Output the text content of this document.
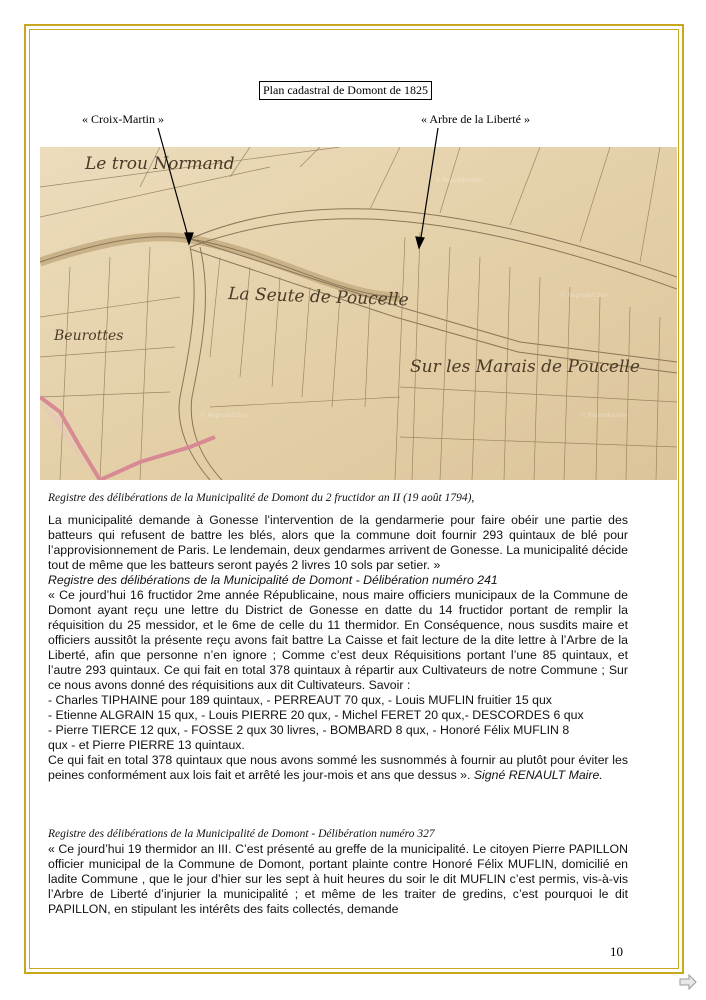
Plan cadastral de Domont de 1825
« Croix-Martin »	« Arbre de la Liberté »
Le trou Normand
La Seute de Poucelle
Beurottes
Sur les Marais de Poucelle
© Reproduction
© Reproduction
© Reproduction	© Reproduction

Registre des délibérations de la Municipalité de Domont du 2 fructidor an II (19 août 1794),

La municipalité demande à Gonesse l’intervention de la gendarmerie pour faire obéir une partie des batteurs qui refusent de battre les blés, alors que la commune doit fournir 293 quintaux de blé pour l’approvisionnement de Paris. Le lendemain, deux gendarmes arrivent de Gonesse. La municipalité décide tout de même que les batteurs seront payés 2 livres 10 sols par setier. »

Registre des délibérations de la Municipalité de Domont - Délibération numéro 241

« Ce jourd’hui 16 fructidor 2me année Républicaine, nous maire officiers municipaux de la Commune de Domont ayant reçu une lettre du District de Gonesse en datte du 14 fructidor portant de remplir la réquisition du 25 messidor, et le 6me de celle du 11 thermidor. En Conséquence, nous susdits maire et officiers aussitôt la présente reçu avons fait battre La Caisse et fait lecture de la dite lettre à l’Arbre de la Liberté, afin que personne n’en ignore ; Comme c’est deux Réquisitions portant l’une 85 quintaux, et l’autre 293 quintaux. Ce qui fait en total 378 quintaux à répartir aux Cultivateurs de notre Commune ; Sur ce nous avons donné des réquisitions aux dit Cultivateurs. Savoir :

- Charles TIPHAINE pour 189 quintaux, - PERREAUT 70 qux, - Louis MUFLIN fruitier 15 qux

- Etienne ALGRAIN 15 qux, - Louis PIERRE 20 qux, - Michel FERET 20 qux,- DESCORDES 6 qux

- Pierre TIERCE 12 qux, - FOSSE 2 qux 30 livres, - BOMBARD 8 qux, - Honoré Félix MUFLIN 8

qux - et Pierre PIERRE 13 quintaux.

Ce qui fait en total 378 quintaux que nous avons sommé les susnommés à fournir au plutôt pour éviter les peines conformément aux lois fait et arrêté les jour-mois et ans que dessus ». Signé RENAULT Maire.

Registre des délibérations de la Municipalité de Domont - Délibération numéro 327

« Ce jourd’hui 19 thermidor an III. C’est présenté au greffe de la municipalité. Le citoyen Pierre PAPILLON officier municipal de la Commune de Domont, portant plainte contre Honoré Félix MUFLIN, domicilié en ladite Commune , que le jour d’hier sur les sept à huit heures du soir le dit MUFLIN c’est permis, vis-à-vis l’Arbre de Liberté d’injurier la municipalité ; et même de les traiter de gredins, c’est pourquoi le dit PAPILLON, en stipulant les intérêts des faits collectés, demande

10
